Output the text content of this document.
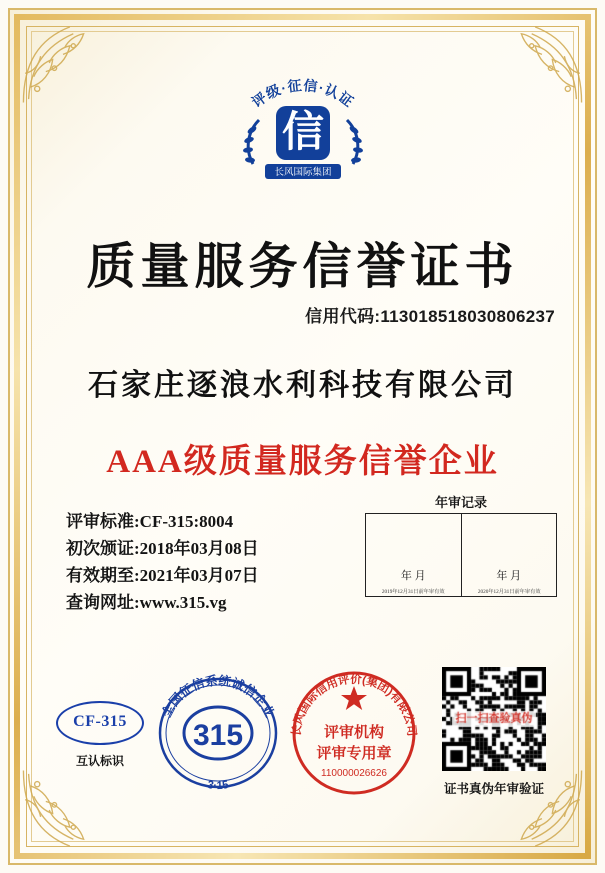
评级·征信·认证
信
长风国际集团
质量服务信誉证书
信用代码:113018518030806237
石家庄逐浪水利科技有限公司
AAA级质量服务信誉企业
评审标准:CF-315:8004
初次颁证:2018年03月08日
有效期至:2021年03月07日
查询网址:www.315.vg
年审记录
年 月
2019年12月31日前年审有效
年 月
2020年12月31日前年审有效
CF-315
互认标识
全国征信系统诚信企业
315
3·15
长风国际信用评价(集团)有限公司
评审机构
评审专用章
110000026626
证书真伪年审验证
